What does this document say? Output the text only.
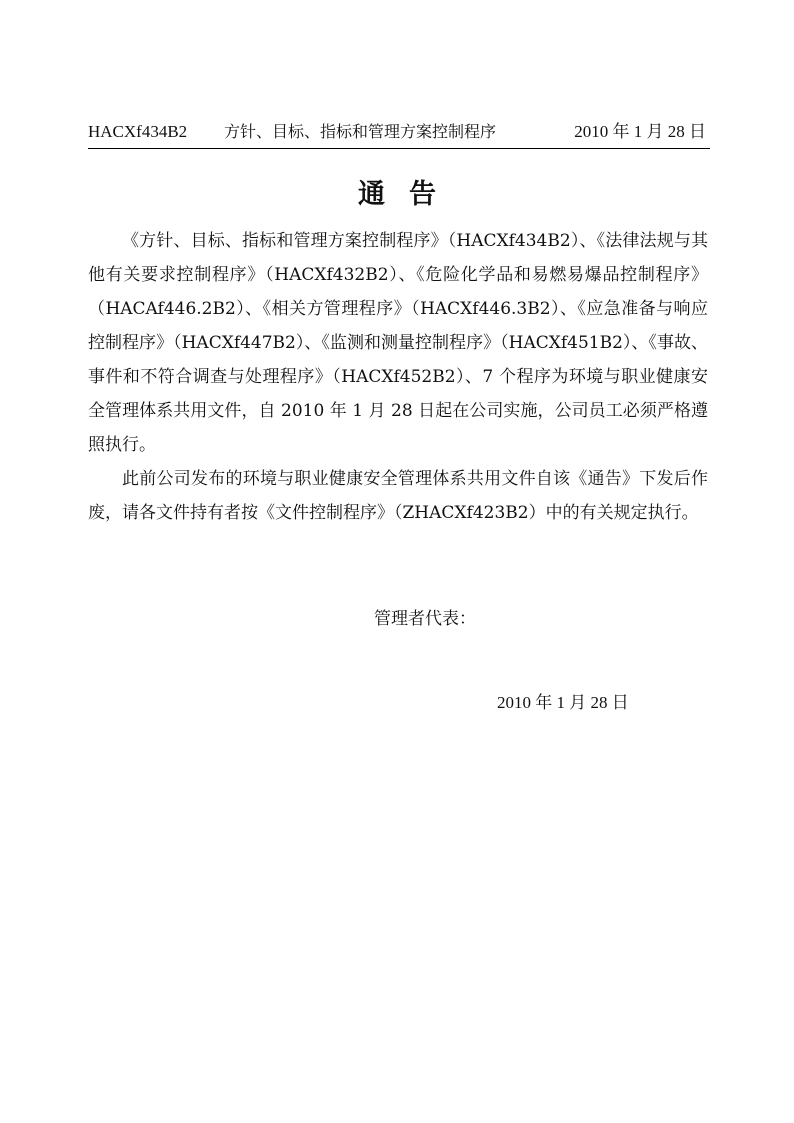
HACXf434B2 方针、目标、指标和管理方案控制程序	2010 年 1 月 28 日
通告

《方针、目标、指标和管理方案控制程序》（HACXf434B2）、《法律法规与其他有关要求控制程序》（HACXf432B2）、《危险化学品和易燃易爆品控制程序》（HACAf446.2B2）、《相关方管理程序》（HACXf446.3B2）、《应急准备与响应控制程序》（HACXf447B2）、《监测和测量控制程序》（HACXf451B2）、《事故、事件和不符合调查与处理程序》（HACXf452B2）、7 个程序为环境与职业健康安全管理体系共用文件，自 2010 年 1 月 28 日起在公司实施，公司员工必须严格遵照执行。

此前公司发布的环境与职业健康安全管理体系共用文件自该《通告》下发后作废，请各文件持有者按《文件控制程序》（ZHACXf423B2）中的有关规定执行。

管理者代表：
2010 年 1 月 28 日
